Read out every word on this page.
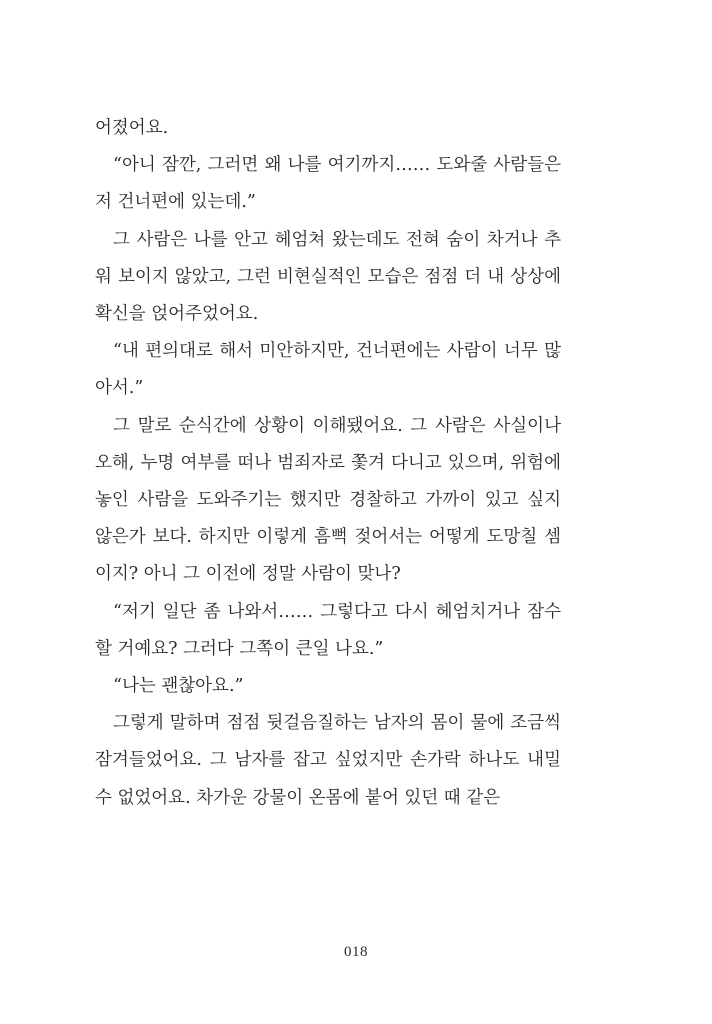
어졌어요.

“아니 잠깐, 그러면 왜 나를 여기까지…… 도와줄 사람들은 저 건너편에 있는데.”

그 사람은 나를 안고 헤엄쳐 왔는데도 전혀 숨이 차거나 추워 보이지 않았고, 그런 비현실적인 모습은 점점 더 내 상상에 확신을 얹어주었어요.

“내 편의대로 해서 미안하지만, 건너편에는 사람이 너무 많아서.”

그 말로 순식간에 상황이 이해됐어요. 그 사람은 사실이나 오해, 누명 여부를 떠나 범죄자로 쫓겨 다니고 있으며, 위험에 놓인 사람을 도와주기는 했지만 경찰하고 가까이 있고 싶지 않은가 보다. 하지만 이렇게 흠뻑 젖어서는 어떻게 도망칠 셈이지? 아니 그 이전에 정말 사람이 맞나?

“저기 일단 좀 나와서…… 그렇다고 다시 헤엄치거나 잠수할 거예요? 그러다 그쪽이 큰일 나요.”

“나는 괜찮아요.”

그렇게 말하며 점점 뒷걸음질하는 남자의 몸이 물에 조금씩 잠겨들었어요. 그 남자를 잡고 싶었지만 손가락 하나도 내밀 수 없었어요. 차가운 강물이 온몸에 붙어 있던 때 같은

018
